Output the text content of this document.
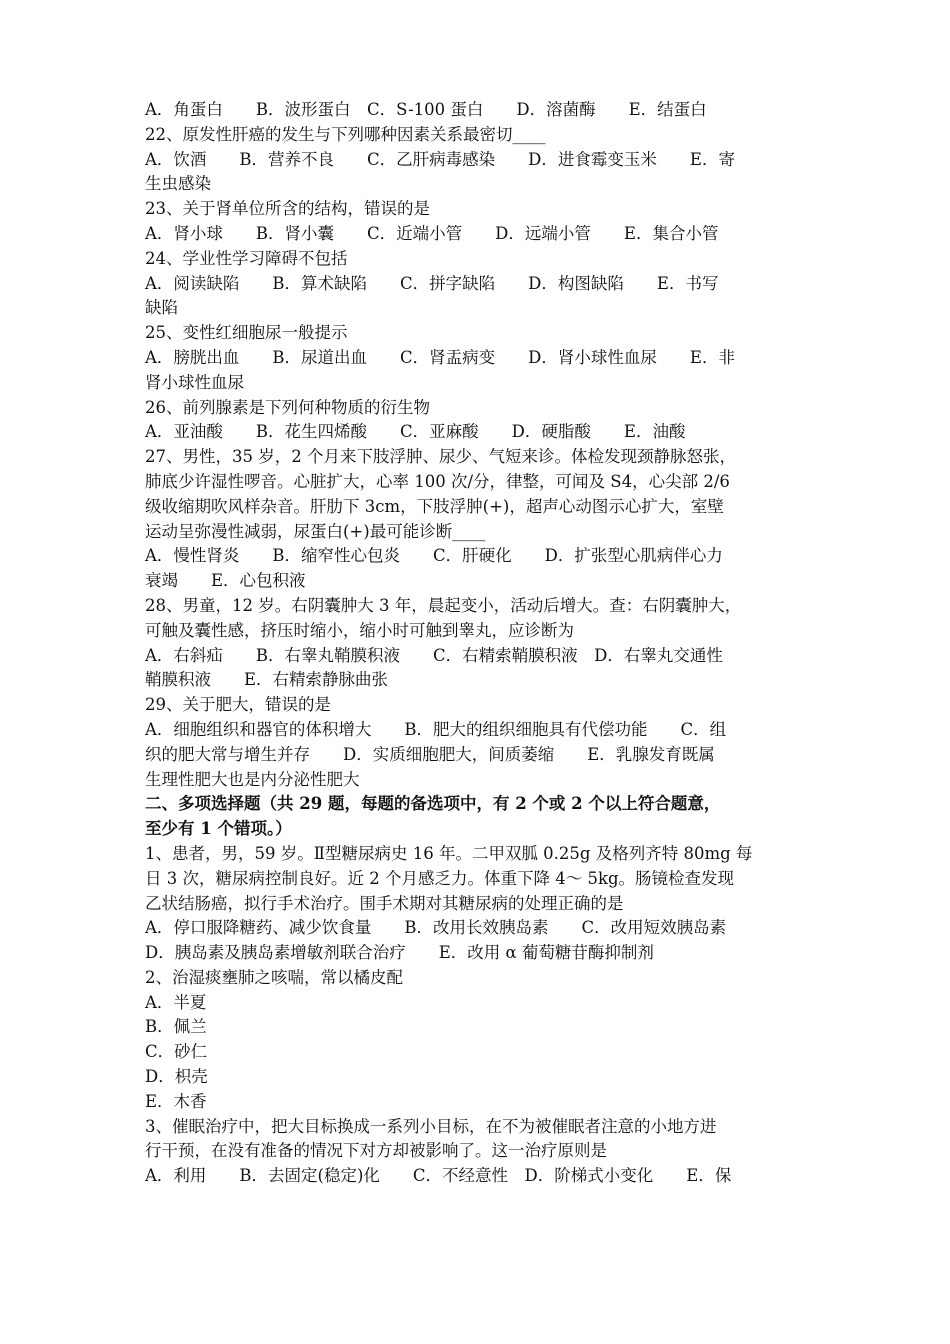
A．角蛋白　　B．波形蛋白　C．S-100 蛋白　　D．溶菌酶　　E．结蛋白
22、原发性肝癌的发生与下列哪种因素关系最密切____
A．饮酒　　B．营养不良　　C．乙肝病毒感染　　D．进食霉变玉米　　E．寄
生虫感染
23、关于肾单位所含的结构，错误的是
A．肾小球　　B．肾小囊　　C．近端小管　　D．远端小管　　E．集合小管
24、学业性学习障碍不包括
A．阅读缺陷　　B．算术缺陷　　C．拼字缺陷　　D．构图缺陷　　E．书写
缺陷
25、变性红细胞尿一般提示
A．膀胱出血　　B．尿道出血　　C．肾盂病变　　D．肾小球性血尿　　E．非
肾小球性血尿
26、前列腺素是下列何种物质的衍生物
A．亚油酸　　B．花生四烯酸　　C．亚麻酸　　D．硬脂酸　　E．油酸
27、男性，35 岁，2 个月来下肢浮肿、尿少、气短来诊。体检发现颈静脉怒张，
肺底少许湿性啰音。心脏扩大，心率 100 次/分，律整，可闻及 S4，心尖部 2/6
级收缩期吹风样杂音。肝肋下 3cm，下肢浮肿(+)，超声心动图示心扩大，室壁
运动呈弥漫性减弱，尿蛋白(+)最可能诊断____
A．慢性肾炎　　B．缩窄性心包炎　　C．肝硬化　　D．扩张型心肌病伴心力
衰竭　　E．心包积液
28、男童，12 岁。右阴囊肿大 3 年，晨起变小，活动后增大。查：右阴囊肿大，
可触及囊性感，挤压时缩小，缩小时可触到睾丸，应诊断为
A．右斜疝　　B．右睾丸鞘膜积液　　C．右精索鞘膜积液　D．右睾丸交通性
鞘膜积液　　E．右精索静脉曲张
29、关于肥大，错误的是
A．细胞组织和器官的体积增大　　B．肥大的组织细胞具有代偿功能　　C．组
织的肥大常与增生并存　　D．实质细胞肥大，间质萎缩　　E．乳腺发育既属
生理性肥大也是内分泌性肥大
二、多项选择题（共 29 题，每题的备选项中，有 2 个或 2 个以上符合题意，
至少有 1 个错项。）
1、患者，男，59 岁。Ⅱ型糖尿病史 16 年。二甲双胍 0.25g 及格列齐特 80mg 每
日 3 次，糖尿病控制良好。近 2 个月感乏力。体重下降 4～ 5kg。肠镜检查发现
乙状结肠癌，拟行手术治疗。围手术期对其糖尿病的处理正确的是
A．停口服降糖药、减少饮食量　　B．改用长效胰岛素　　C．改用短效胰岛素
D．胰岛素及胰岛素增敏剂联合治疗　　E．改用 α 葡萄糖苷酶抑制剂
2、治湿痰壅肺之咳喘，常以橘皮配
A．半夏
B．佩兰
C．砂仁
D．枳壳
E．木香
3、催眠治疗中，把大目标换成一系列小目标，在不为被催眠者注意的小地方进
行干预，在没有准备的情况下对方却被影响了。这一治疗原则是
A．利用　　B．去固定(稳定)化　　C．不经意性　D．阶梯式小变化　　E．保
